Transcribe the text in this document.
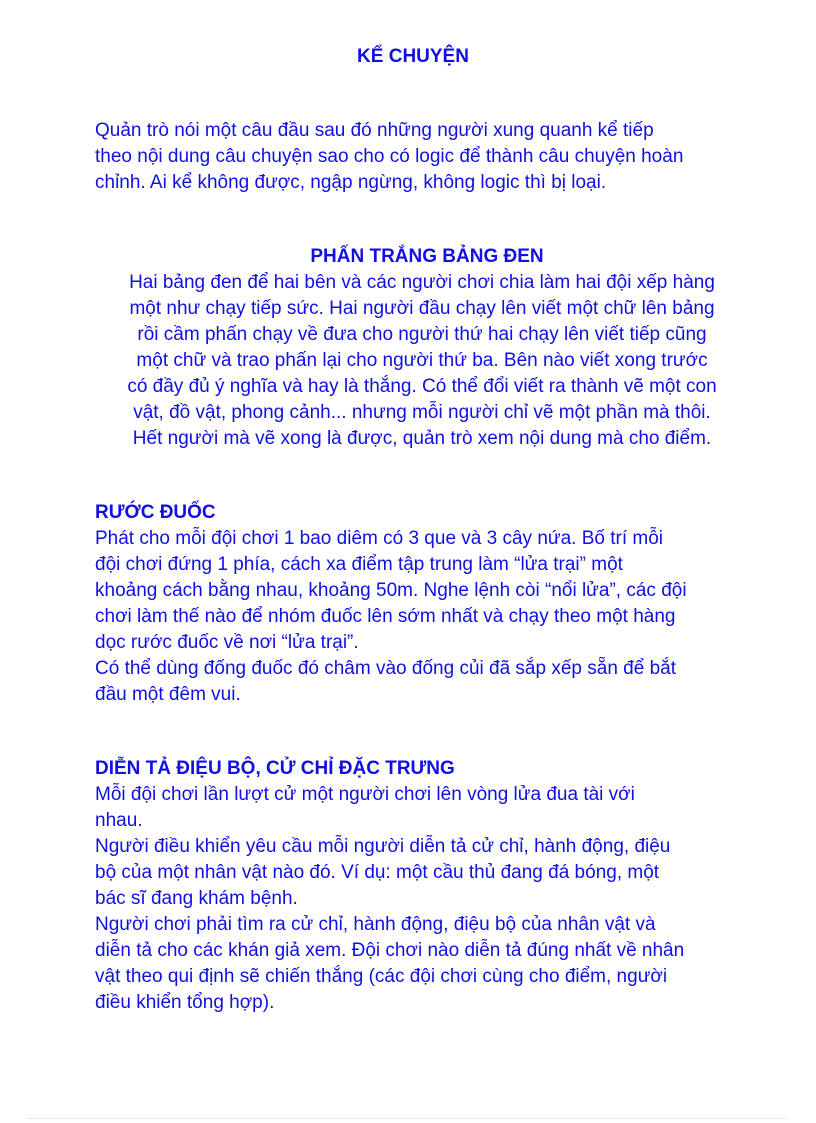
KỂ CHUYỆN

Quản trò nói một câu đầu sau đó những người xung quanh kể tiếp
theo nội dung câu chuyện sao cho có logic để thành câu chuyện hoàn
chỉnh. Ai kể không được, ngập ngừng, không logic thì bị loại.

PHẤN TRẮNG BẢNG ĐEN

Hai bảng đen để hai bên và các người chơi chia làm hai đội xếp hàng
một như chạy tiếp sức. Hai người đầu chạy lên viết một chữ lên bảng
rồi cầm phấn chạy về đưa cho người thứ hai chạy lên viết tiếp cũng
một chữ và trao phấn lại cho người thứ ba. Bên nào viết xong trước
có đầy đủ ý nghĩa và hay là thắng. Có thể đổi viết ra thành vẽ một con
vật, đồ vật, phong cảnh... nhưng mỗi người chỉ vẽ một phần mà thôi.
Hết người mà vẽ xong là được, quản trò xem nội dung mà cho điểm.

RƯỚC ĐUỐC

Phát cho mỗi đội chơi 1 bao diêm có 3 que và 3 cây nứa. Bố trí mỗi
đội chơi đứng 1 phía, cách xa điểm tập trung làm “lửa trại” một
khoảng cách bằng nhau, khoảng 50m. Nghe lệnh còi “nổi lửa”, các đội
chơi làm thế nào để nhóm đuốc lên sớm nhất và chạy theo một hàng
dọc rước đuốc về nơi “lửa trại”.
Có thể dùng đống đuốc đó châm vào đống củi đã sắp xếp sẵn để bắt
đầu một đêm vui.

DIỄN TẢ ĐIỆU BỘ, CỬ CHỈ ĐẶC TRƯNG

Mỗi đội chơi lần lượt cử một người chơi lên vòng lửa đua tài với
nhau.
Người điều khiển yêu cầu mỗi người diễn tả cử chỉ, hành động, điệu
bộ của một nhân vật nào đó. Ví dụ: một cầu thủ đang đá bóng, một
bác sĩ đang khám bệnh.
Người chơi phải tìm ra cử chỉ, hành động, điệu bộ của nhân vật và
diễn tả cho các khán giả xem. Đội chơi nào diễn tả đúng nhất về nhân
vật theo qui định sẽ chiến thắng (các đội chơi cùng cho điểm, người
điều khiển tổng hợp).
